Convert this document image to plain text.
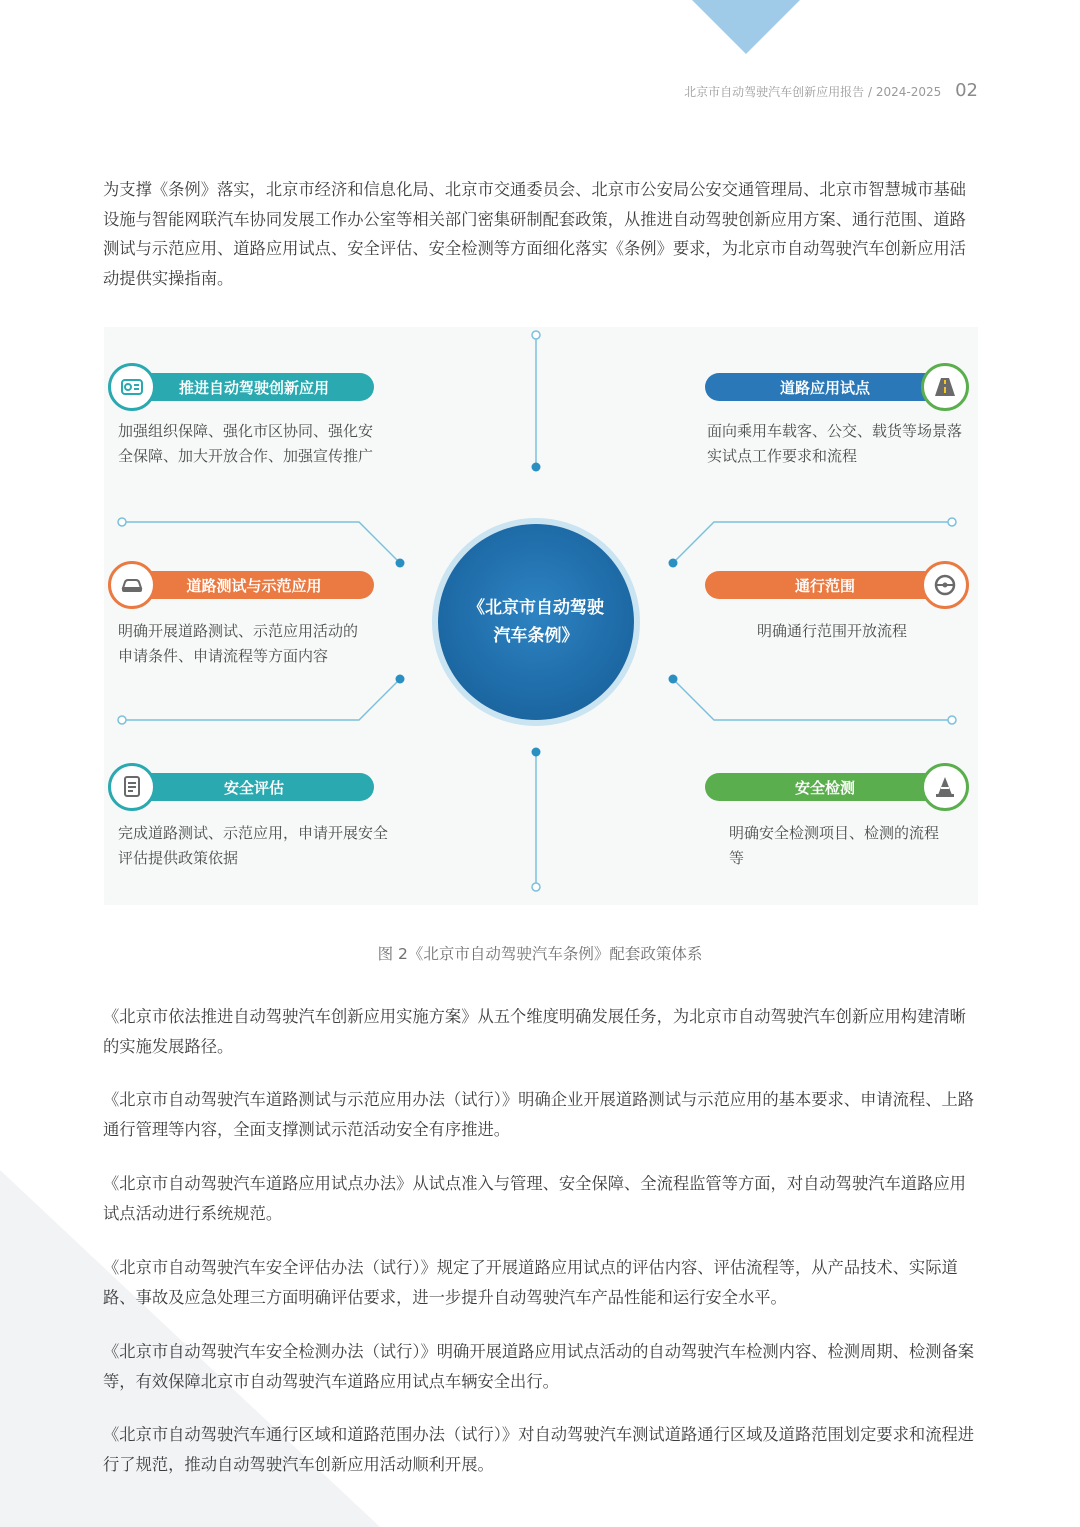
北京市自动驾驶汽车创新应用报告 / 2024-2025 02

为支撑《条例》落实，北京市经济和信息化局、北京市交通委员会、北京市公安局公安交通管理局、北京市智慧城市基础设施与智能网联汽车协同发展工作办公室等相关部门密集研制配套政策，从推进自动驾驶创新应用方案、通行范围、道路测试与示范应用、道路应用试点、安全评估、安全检测等方面细化落实《条例》要求，为北京市自动驾驶汽车创新应用活动提供实操指南。

《北京市自动驾驶汽车条例》
推进自动驾驶创新应用

加强组织保障、强化市区协同、强化安全保障、加大开放合作、加强宣传推广

道路应用试点

面向乘用车载客、公交、载货等场景落实试点工作要求和流程

道路测试与示范应用

明确开展道路测试、示范应用活动的申请条件、申请流程等方面内容

通行范围

明确通行范围开放流程

安全评估

完成道路测试、示范应用，申请开展安全评估提供政策依据

安全检测

明确安全检测项目、检测的流程等

图 2《北京市自动驾驶汽车条例》配套政策体系

《北京市依法推进自动驾驶汽车创新应用实施方案》从五个维度明确发展任务，为北京市自动驾驶汽车创新应用构建清晰的实施发展路径。

《北京市自动驾驶汽车道路测试与示范应用办法（试行）》明确企业开展道路测试与示范应用的基本要求、申请流程、上路通行管理等内容，全面支撑测试示范活动安全有序推进。

《北京市自动驾驶汽车道路应用试点办法》从试点准入与管理、安全保障、全流程监管等方面，对自动驾驶汽车道路应用试点活动进行系统规范。

《北京市自动驾驶汽车安全评估办法（试行）》规定了开展道路应用试点的评估内容、评估流程等，从产品技术、实际道路、事故及应急处理三方面明确评估要求，进一步提升自动驾驶汽车产品性能和运行安全水平。

《北京市自动驾驶汽车安全检测办法（试行）》明确开展道路应用试点活动的自动驾驶汽车检测内容、检测周期、检测备案等，有效保障北京市自动驾驶汽车道路应用试点车辆安全出行。

《北京市自动驾驶汽车通行区域和道路范围办法（试行）》对自动驾驶汽车测试道路通行区域及道路范围划定要求和流程进行了规范，推动自动驾驶汽车创新应用活动顺利开展。
